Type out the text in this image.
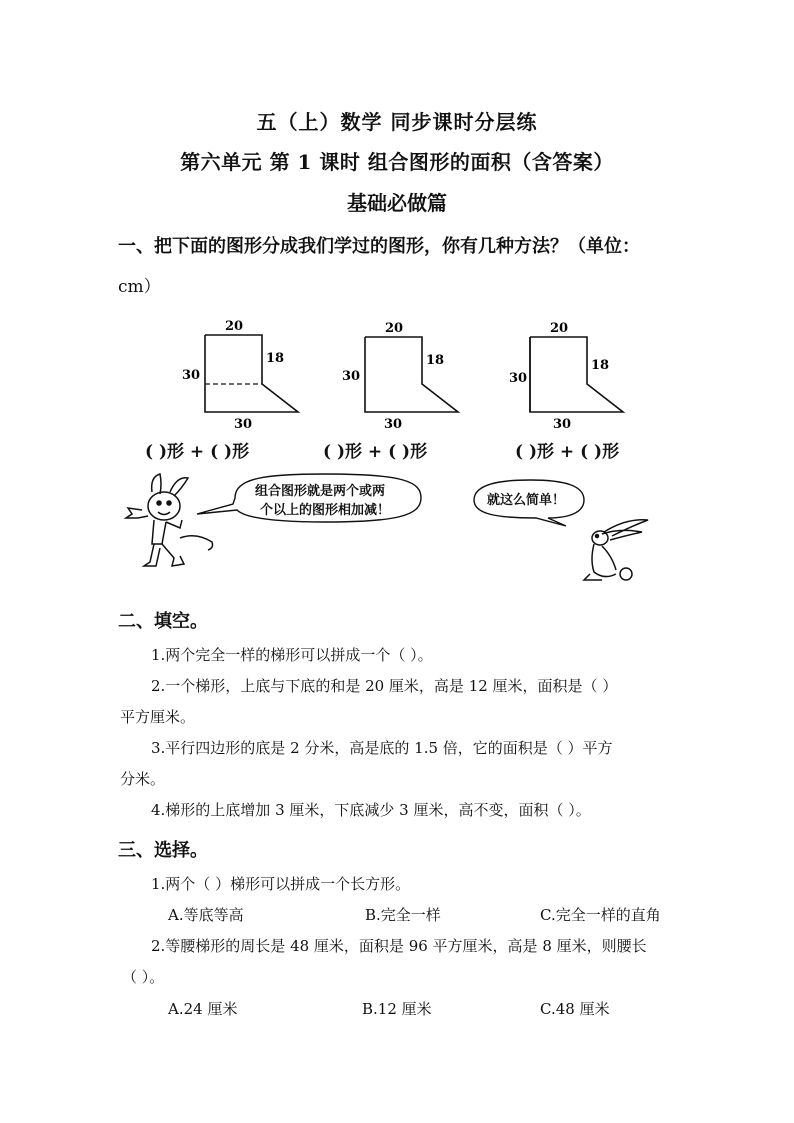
五（上）数学 同步课时分层练
第六单元 第 1 课时 组合图形的面积（含答案）
基础必做篇
一、把下面的图形分成我们学过的图形，你有几种方法？（单位：
cm）
20
18
30
30
20
18
30
30
20
18
30
30
( )形 + ( )形	( )形 + ( )形	( )形 + ( )形
组合图形就是两个或两
个以上的图形相加减！
就这么简单！
二、填空。
1.两个完全一样的梯形可以拼成一个（ ）。
2.一个梯形，上底与下底的和是 20 厘米，高是 12 厘米，面积是（ ）
平方厘米。
3.平行四边形的底是 2 分米，高是底的 1.5 倍，它的面积是（ ）平方
分米。
4.梯形的上底增加 3 厘米，下底减少 3 厘米，高不变，面积（ ）。
三、选择。
1.两个（ ）梯形可以拼成一个长方形。
A.等底等高	B.完全一样	C.完全一样的直角
2.等腰梯形的周长是 48 厘米，面积是 96 平方厘米，高是 8 厘米，则腰长
（ ）。
A.24 厘米	B.12 厘米	C.48 厘米
